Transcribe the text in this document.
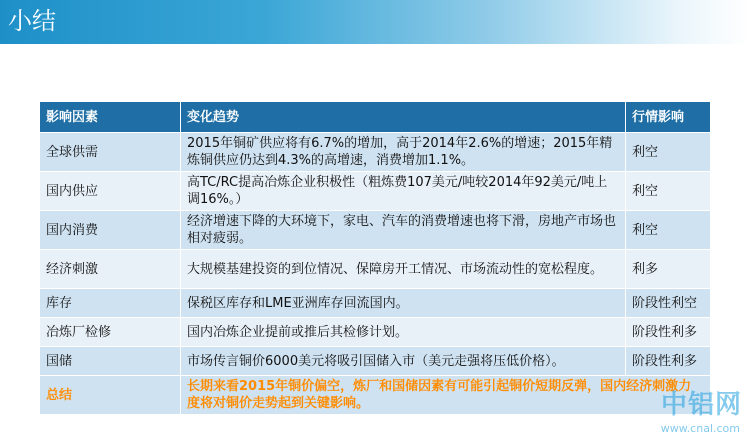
小结
影响因素	变化趋势	行情影响
全球供需	2015年铜矿供应将有6.7%的增加，高于2014年2.6%的增速；2015年精炼铜供应仍达到4.3%的高增速，消费增加1.1%。	利空
国内供应	高TC/RC提高冶炼企业积极性（粗炼费107美元/吨较2014年92美元/吨上调16%。）	利空
国内消费	经济增速下降的大环境下，家电、汽车的消费增速也将下滑，房地产市场也相对疲弱。	利空
经济刺激	大规模基建投资的到位情况、保障房开工情况、市场流动性的宽松程度。	利多
库存	保税区库存和LME亚洲库存回流国内。	阶段性利空
冶炼厂检修	国内冶炼企业提前或推后其检修计划。	阶段性利多
国储	市场传言铜价6000美元将吸引国储入市（美元走强将压低价格）。	阶段性利多
总结	长期来看2015年铜价偏空，炼厂和国储因素有可能引起铜价短期反弹，国内经济刺激力度将对铜价走势起到关键影响。		中铝网
www.cnal.com
